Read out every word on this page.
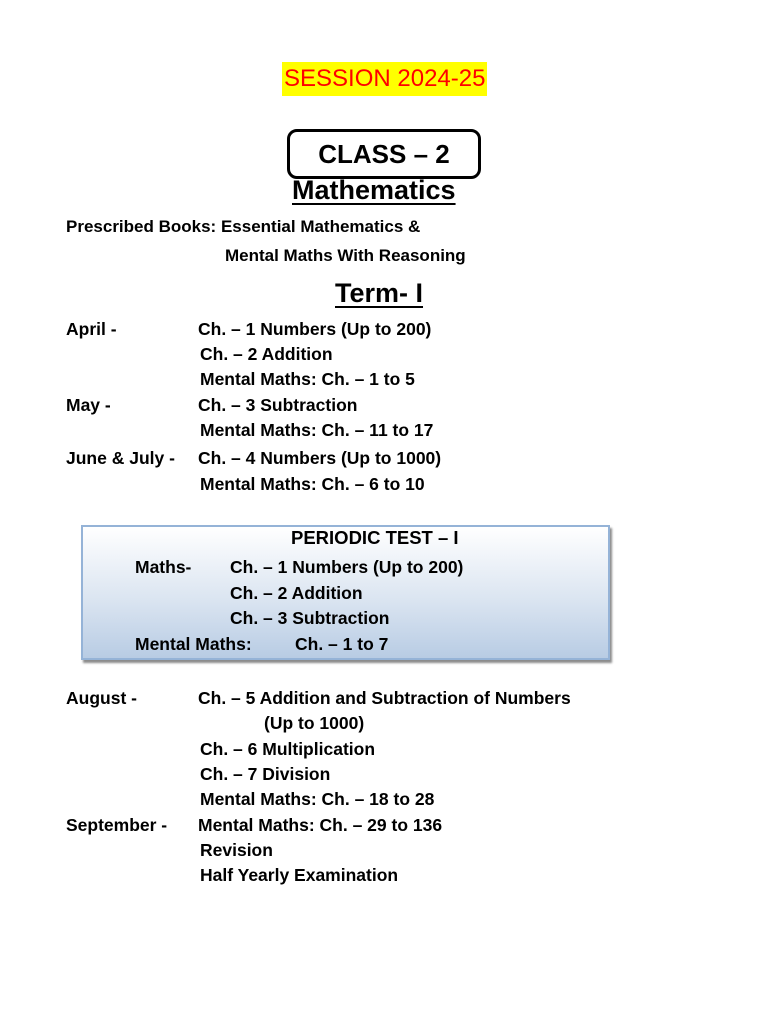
SESSION 2024-25
CLASS – 2
Mathematics
Prescribed Books: Essential Mathematics &
Mental Maths With Reasoning
Term- I
April -	Ch. – 1 Numbers (Up to 200)
Ch. – 2 Addition
Mental Maths: Ch. – 1 to 5
May -	Ch. – 3 Subtraction
Mental Maths: Ch. – 11 to 17
June & July - Ch. – 4 Numbers (Up to 1000)
Mental Maths: Ch. – 6 to 10
PERIODIC TEST – I
Maths- Ch. – 1 Numbers (Up to 200)
Ch. – 2 Addition
Ch. – 3 Subtraction
Mental Maths: Ch. – 1 to 7
August -	Ch. – 5 Addition and Subtraction of Numbers
(Up to 1000)
Ch. – 6 Multiplication
Ch. – 7 Division
Mental Maths: Ch. – 18 to 28
September - Mental Maths: Ch. – 29 to 136
Revision
Half Yearly Examination
